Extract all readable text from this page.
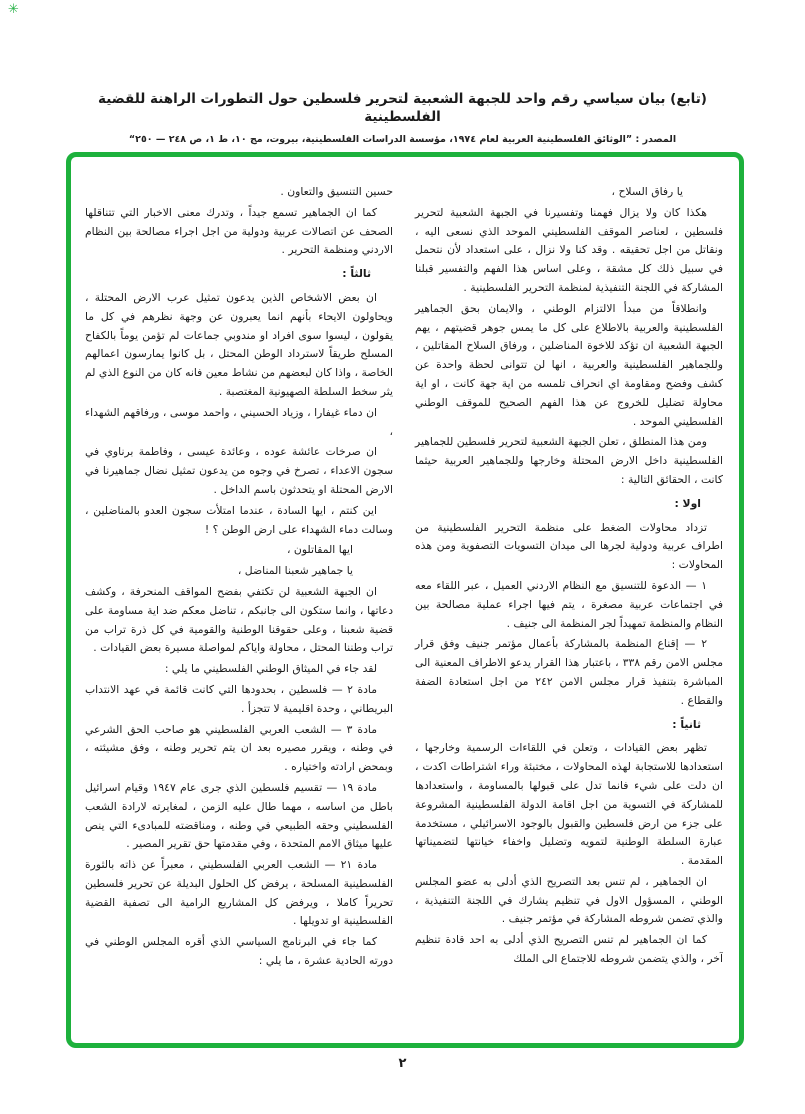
✳
(تابع) بيان سياسي رقم واحد للجبهة الشعبية لتحرير فلسطين حول التطورات الراهنة للقضية الفلسطينية

المصدر : ”الوثائق الفلسطينية العربية لعام ١٩٧٤، مؤسسة الدراسات الفلسطينية، بيروت، مج ١٠، ط ١، ص ٢٤٨ — ٢٥٠“

يا رفاق السلاح ،

هكذا كان ولا يزال فهمنا وتفسيرنا في الجبهة الشعبية لتحرير فلسطين ، لعناصر الموقف الفلسطيني الموحد الذي نسعى اليه ، ونقاتل من اجل تحقيقه . وقد كنا ولا نزال ، على استعداد لأن نتحمل في سبيل ذلك كل مشقة ، وعلى اساس هذا الفهم والتفسير قبلنا المشاركة في اللجنة التنفيذية لمنظمة التحرير الفلسطينية .

وانطلاقاً من مبدأ الالتزام الوطني ، والايمان بحق الجماهير الفلسطينية والعربية بالاطلاع على كل ما يمس جوهر قضيتهم ، يهم الجبهة الشعبية ان تؤكد للاخوة المناضلين ، ورفاق السلاح المقاتلين ، وللجماهير الفلسطينية والعربية ، انها لن تتوانى لحظة واحدة عن كشف وفضح ومقاومة اي انحراف تلمسه من اية جهة كانت ، او اية محاولة تضليل للخروج عن هذا الفهم الصحيح للموقف الوطني الفلسطيني الموحد .

ومن هذا المنطلق ، تعلن الجبهة الشعبية لتحرير فلسطين للجماهير الفلسطينية داخل الارض المحتلة وخارجها وللجماهير العربية حيثما كانت ، الحقائق التالية :

اولا :

تزداد محاولات الضغط على منظمة التحرير الفلسطينية من اطراف عربية ودولية لجرها الى ميدان التسويات التصفوية ومن هذه المحاولات :

١ — الدعوة للتنسيق مع النظام الاردني العميل ، عبر اللقاء معه في اجتماعات عربية مصغرة ، يتم فيها اجراء عملية مصالحة بين النظام والمنظمة تمهيداً لجر المنظمة الى جنيف .

٢ — إقناع المنظمة بالمشاركة بأعمال مؤتمر جنيف وفق قرار مجلس الامن رقم ٣٣٨ ، باعتبار هذا القرار يدعو الاطراف المعنية الى المباشرة بتنفيذ قرار مجلس الامن ٢٤٢ من اجل استعادة الضفة والقطاع .

ثانياً :

تظهر بعض القيادات ، وتعلن في اللقاءات الرسمية وخارجها ، استعدادها للاستجابة لهذه المحاولات ، مختبئة وراء اشتراطات اكدت ، ان دلت على شيء فانما تدل على قبولها بالمساومة ، واستعدادها للمشاركة في التسوية من اجل اقامة الدولة الفلسطينية المشروعة على جزء من ارض فلسطين والقبول بالوجود الاسرائيلي ، مستخدمة عبارة السلطة الوطنية لتمويه وتضليل واخفاء خيانتها لتضميناتها المقدمة .

ان الجماهير ، لم تنس بعد التصريح الذي أدلى به عضو المجلس الوطني ، المسؤول الاول في تنظيم يشارك في اللجنة التنفيذية ، والذي تضمن شروطه المشاركة في مؤتمر جنيف .

كما ان الجماهير لم تنس التصريح الذي أدلى به احد قادة تنظيم آخر ، والذي يتضمن شروطه للاجتماع الى الملك

حسين التنسيق والتعاون .

كما ان الجماهير تسمع جيداً ، وتدرك معنى الاخبار التي تتناقلها الصحف عن اتصالات عربية ودولية من اجل اجراء مصالحة بين النظام الاردني ومنظمة التحرير .

ثالثاً :

ان بعض الاشخاص الذين يدعون تمثيل عرب الارض المحتلة ، ويحاولون الايحاء بأنهم انما يعبرون عن وجهة نظرهم في كل ما يقولون ، ليسوا سوى افراد او مندوبي جماعات لم تؤمن يوماً بالكفاح المسلح طريقاً لاسترداد الوطن المحتل ، بل كانوا يمارسون اعمالهم الخاصة ، واذا كان لبعضهم من نشاط معين فانه كان من النوع الذي لم يثر سخط السلطة الصهيونية المغتصبة .

ان دماء غيفارا ، وزياد الحسيني ، واحمد موسى ، ورفاقهم الشهداء ،

ان صرخات عائشة عوده ، وعائدة عيسى ، وفاطمة برناوي في سجون الاعداء ، تصرخ في وجوه من يدعون تمثيل نضال جماهيرنا في الارض المحتلة او يتحدثون باسم الداخل .

اين كنتم ، ايها السادة ، عندما امتلأت سجون العدو بالمناضلين ، وسالت دماء الشهداء على ارض الوطن ؟ !

ايها المقاتلون ،

يا جماهير شعبنا المناضل ،

ان الجبهة الشعبية لن تكتفي بفضح المواقف المنحرفة ، وكشف دعاتها ، وانما ستكون الى جانبكم ، تناضل معكم ضد اية مساومة على قضية شعبنا ، وعلى حقوقنا الوطنية والقومية في كل ذرة تراب من تراب وطننا المحتل ، محاولة واياكم لمواصلة مسيرة بعض القيادات .

لقد جاء في الميثاق الوطني الفلسطيني ما يلي :

مادة ٢ — فلسطين ، بحدودها التي كانت قائمة في عهد الانتداب البريطاني ، وحدة اقليمية لا تتجزأ .

مادة ٣ — الشعب العربي الفلسطيني هو صاحب الحق الشرعي في وطنه ، ويقرر مصيره بعد ان يتم تحرير وطنه ، وفق مشيئته ، وبمحض ارادته واختياره .

مادة ١٩ — تقسيم فلسطين الذي جرى عام ١٩٤٧ وقيام اسرائيل باطل من اساسه ، مهما طال عليه الزمن ، لمغايرته لارادة الشعب الفلسطيني وحقه الطبيعي في وطنه ، ومناقضته للمبادىء التي ينص عليها ميثاق الامم المتحدة ، وفي مقدمتها حق تقرير المصير .

مادة ٢١ — الشعب العربي الفلسطيني ، معبراً عن ذاته بالثورة الفلسطينية المسلحة ، يرفض كل الحلول البديلة عن تحرير فلسطين تحريراً كاملا ، ويرفض كل المشاريع الرامية الى تصفية القضية الفلسطينية او تدويلها .

كما جاء في البرنامج السياسي الذي أقره المجلس الوطني في دورته الحادية عشرة ، ما يلي :

٢
